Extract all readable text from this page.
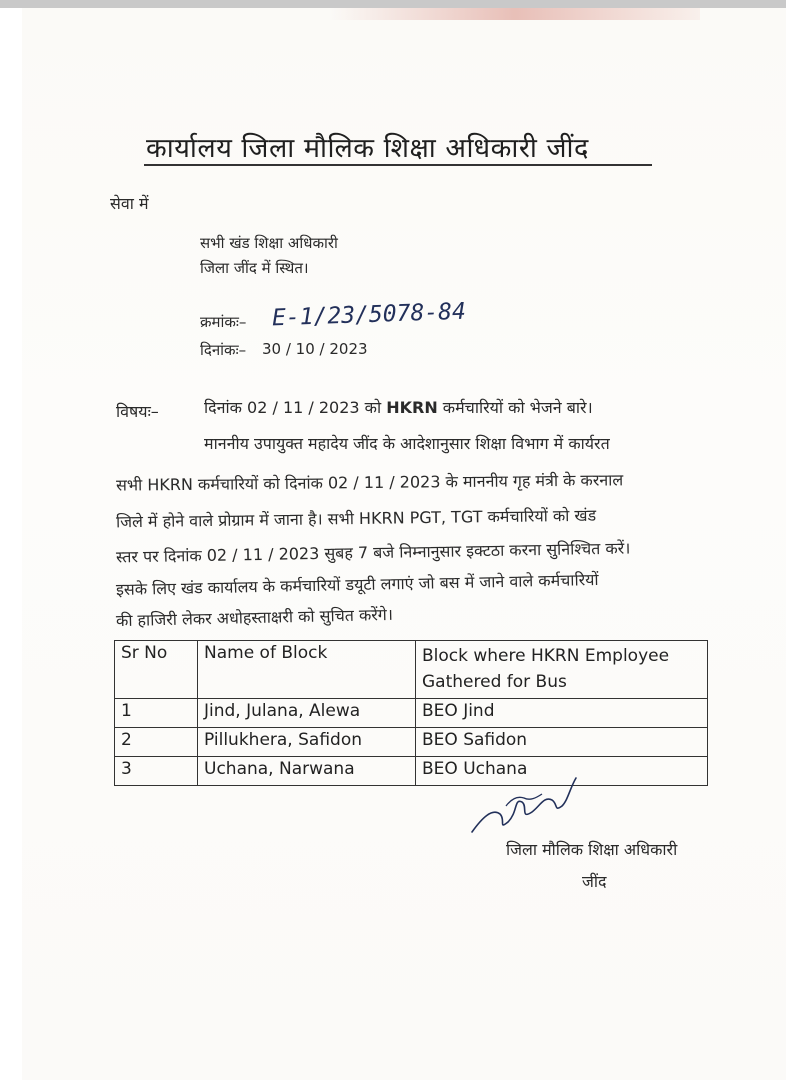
कार्यालय जिला मौलिक शिक्षा अधिकारी जींद
सेवा में
सभी खंड शिक्षा अधिकारी
जिला जींद में स्थित।
क्रमांकः– E-1/23/5078-84
दिनांकः– 30 / 10 / 2023
विषयः–	दिनांक 02 / 11 / 2023 को HKRN कर्मचारियों को भेजने बारे।
माननीय उपायुक्त महादेय जींद के आदेशानुसार शिक्षा विभाग में कार्यरत
सभी HKRN कर्मचारियों को दिनांक 02 / 11 / 2023 के माननीय गृह मंत्री के करनाल
जिले में होने वाले प्रोग्राम में जाना है। सभी HKRN PGT, TGT कर्मचारियों को खंड
स्तर पर दिनांक 02 / 11 / 2023 सुबह 7 बजे निम्नानुसार इक्टठा करना सुनिश्चित करें।
इसके लिए खंड कार्यालय के कर्मचारियों डयूटी लगाएं जो बस में जाने वाले कर्मचारियों
की हाजिरी लेकर अधोहस्ताक्षरी को सुचित करेंगे।
Sr No	Name of Block	Block where HKRN Employee Gathered for Bus
1	Jind, Julana, Alewa	BEO Jind
2	Pillukhera, Safidon	BEO Safidon
3	Uchana, Narwana	BEO Uchana
जिला मौलिक शिक्षा अधिकारी
जींद
